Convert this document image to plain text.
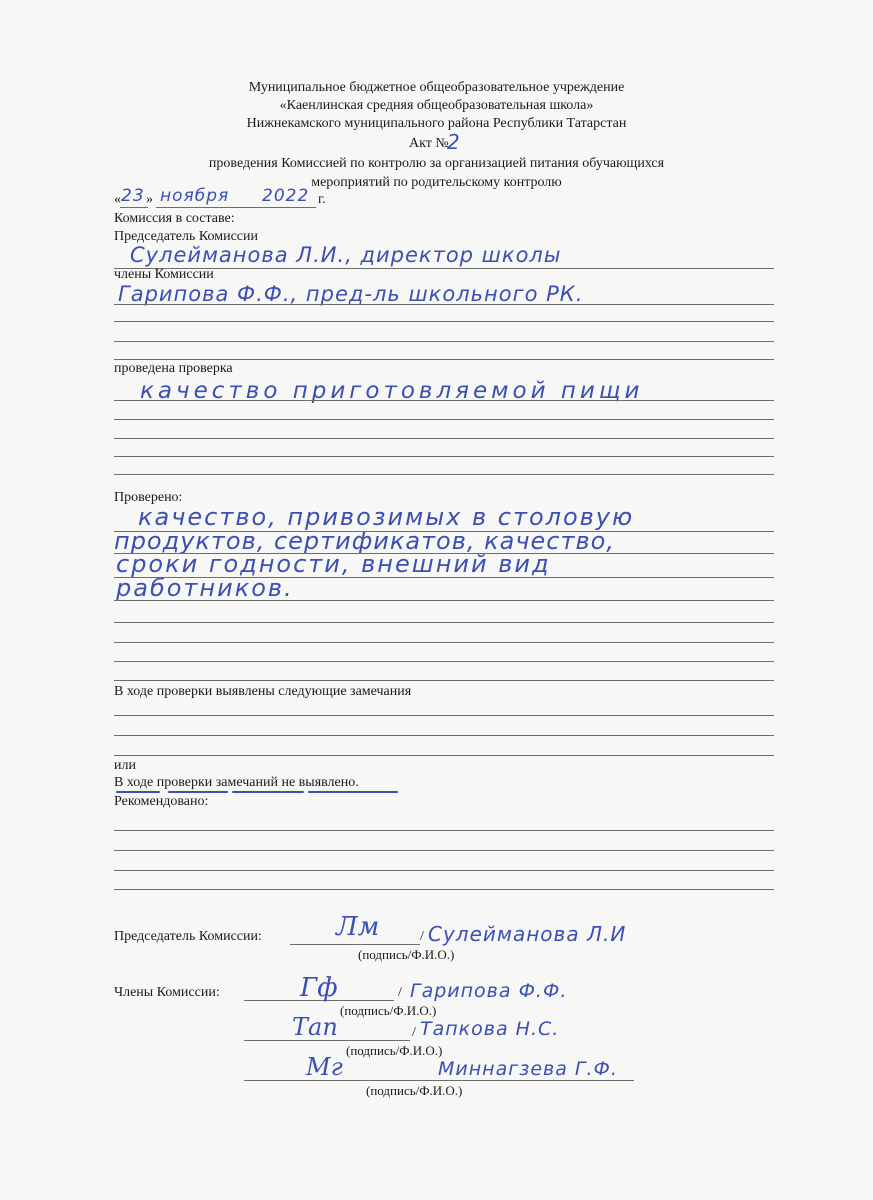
Муниципальное бюджетное общеобразовательное учреждение
«Каенлинская средняя общеобразовательная школа»
Нижнекамского муниципального района Республики Татарстан
Акт №
2
проведения Комиссией по контролю за организацией питания обучающихся
мероприятий по родительскому контролю
« 23 » ноября 2022 г.
Комиссия в составе:
Председатель Комиссии
Сулейманова Л.И., директор школы
члены Комиссии
Гарипова Ф.Ф., пред-ль школьного РК.
проведена проверка
качество приготовляемой пищи
Проверено:
качество, привозимых в столовую
продуктов, сертификатов, качество,
сроки годности, внешний вид
работников.
В ходе проверки выявлены следующие замечания
или
В ходе проверки замечаний не выявлено.
Рекомендовано:
Председатель Комиссии:	Лм	/ Сулейманова Л.И
(подпись/Ф.И.О.)
Члены Комиссии:	Гф	/ Гарипова Ф.Ф.
(подпись/Ф.И.О.)
Тап	/ Тапкова Н.С.
(подпись/Ф.И.О.)
Мг	Миннагзева Г.Ф.
(подпись/Ф.И.О.)
